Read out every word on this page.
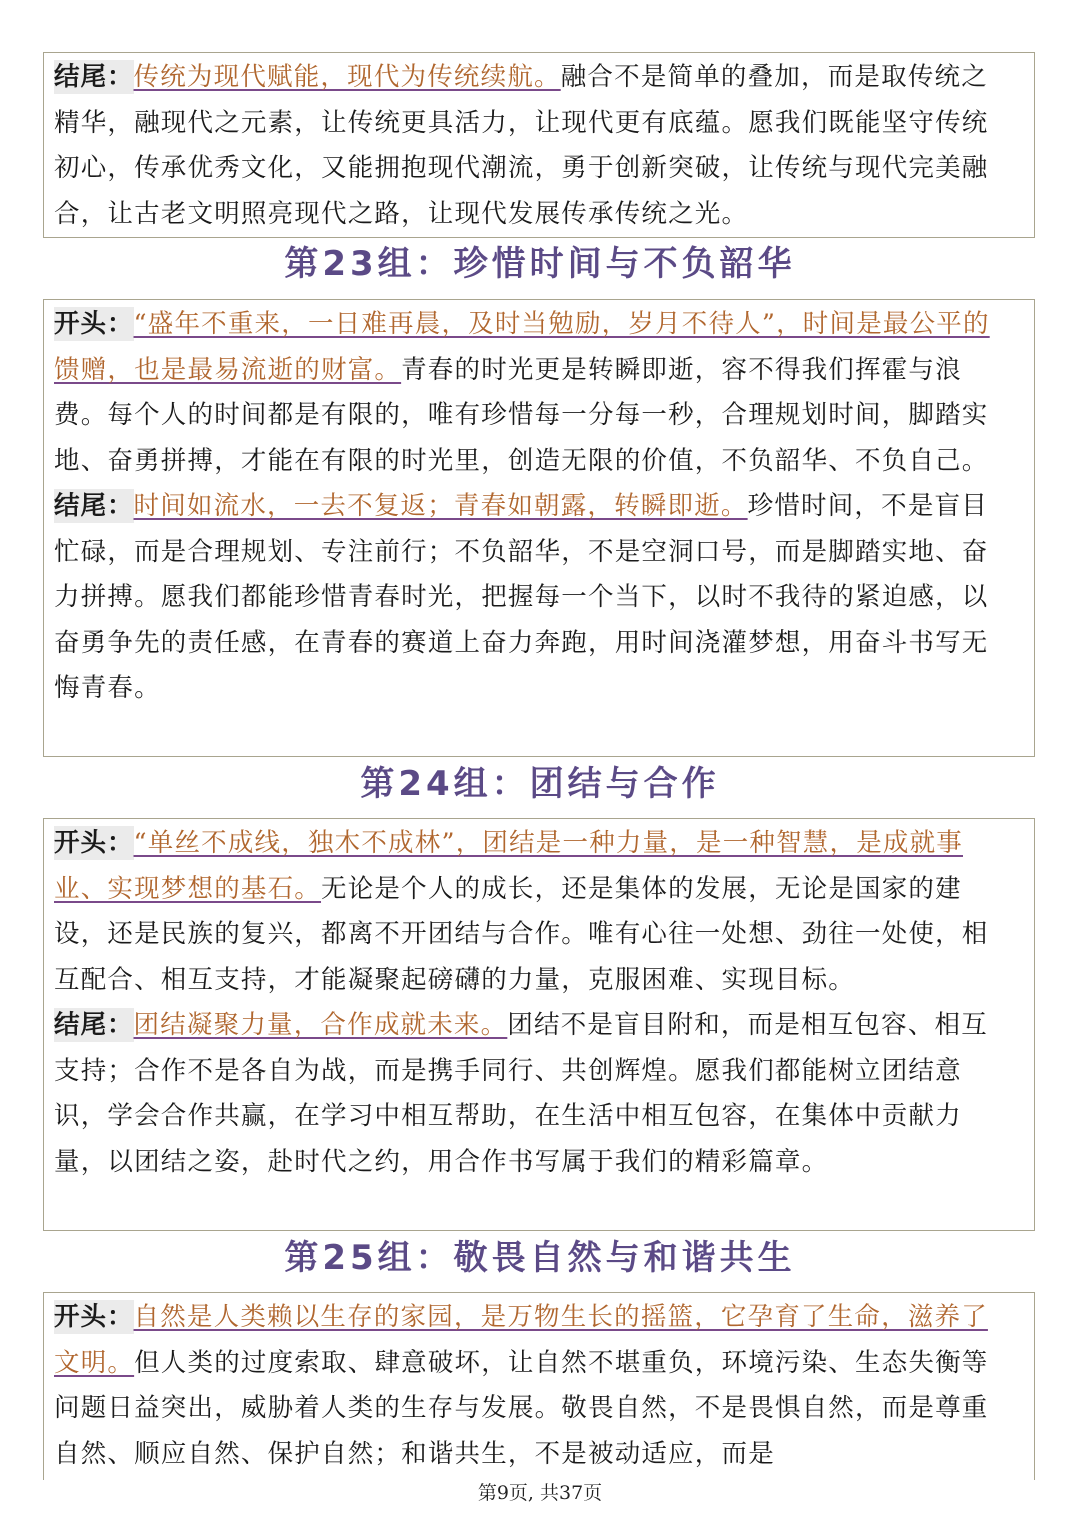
结尾：传统为现代赋能，现代为传统续航。融合不是简单的叠加，而是取传统之精华，融现代之元素，让传统更具活力，让现代更有底蕴。愿我们既能坚守传统初心，传承优秀文化，又能拥抱现代潮流，勇于创新突破，让传统与现代完美融合，让古老文明照亮现代之路，让现代发展传承传统之光。

第23组：珍惜时间与不负韶华

开头：“盛年不重来，一日难再晨，及时当勉励，岁月不待人”，时间是最公平的馈赠，也是最易流逝的财富。青春的时光更是转瞬即逝，容不得我们挥霍与浪费。每个人的时间都是有限的，唯有珍惜每一分每一秒，合理规划时间，脚踏实地、奋勇拼搏，才能在有限的时光里，创造无限的价值，不负韶华、不负自己。

结尾：时间如流水，一去不复返；青春如朝露，转瞬即逝。珍惜时间，不是盲目忙碌，而是合理规划、专注前行；不负韶华，不是空洞口号，而是脚踏实地、奋力拼搏。愿我们都能珍惜青春时光，把握每一个当下，以时不我待的紧迫感，以奋勇争先的责任感，在青春的赛道上奋力奔跑，用时间浇灌梦想，用奋斗书写无悔青春。

第24组：团结与合作

开头：“单丝不成线，独木不成林”，团结是一种力量，是一种智慧，是成就事业、实现梦想的基石。无论是个人的成长，还是集体的发展，无论是国家的建设，还是民族的复兴，都离不开团结与合作。唯有心往一处想、劲往一处使，相互配合、相互支持，才能凝聚起磅礴的力量，克服困难、实现目标。

结尾：团结凝聚力量，合作成就未来。团结不是盲目附和，而是相互包容、相互支持；合作不是各自为战，而是携手同行、共创辉煌。愿我们都能树立团结意识，学会合作共赢，在学习中相互帮助，在生活中相互包容，在集体中贡献力量，以团结之姿，赴时代之约，用合作书写属于我们的精彩篇章。

第25组：敬畏自然与和谐共生

开头：自然是人类赖以生存的家园，是万物生长的摇篮，它孕育了生命，滋养了文明。但人类的过度索取、肆意破坏，让自然不堪重负，环境污染、生态失衡等问题日益突出，威胁着人类的生存与发展。敬畏自然，不是畏惧自然，而是尊重自然、顺应自然、保护自然；和谐共生，不是被动适应，而是

第9页, 共37页
